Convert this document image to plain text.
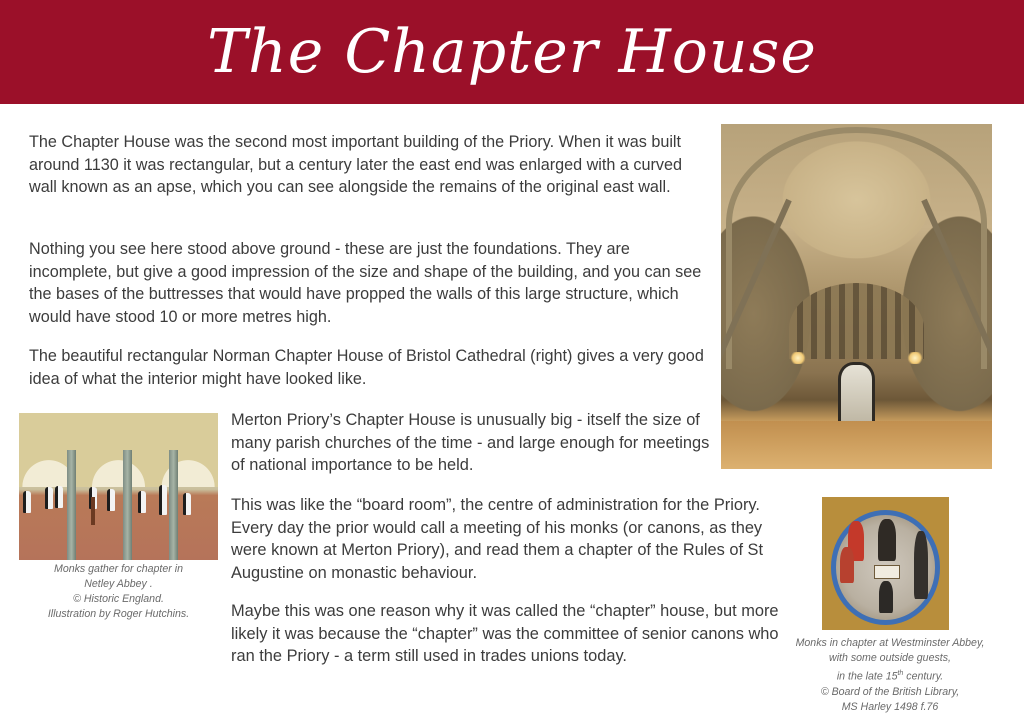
The Chapter House

The Chapter House was the second most important building of the Priory. When it was built around 1130 it was rectangular, but a century later the east end was enlarged with a curved wall known as an apse, which you can see alongside the remains of the original east wall.

Nothing you see here stood above ground - these are just the foundations. They are incomplete, but give a good impression of the size and shape of the building, and you can see the bases of the buttresses that would have propped the walls of this large structure, which would have stood 10 or more metres high.

The beautiful rectangular Norman Chapter House of Bristol Cathedral (right) gives a very good idea of what the interior might have looked like.

Merton Priory’s Chapter House is unusually big - itself the size of many parish churches of the time - and large enough for meetings of national importance to be held.

This was like the “board room”, the centre of administration for the Priory. Every day the prior would call a meeting of his monks (or canons, as they were known at Merton Priory), and read them a chapter of the Rules of St Augustine on monastic behaviour.

Maybe this was one reason why it was called the “chapter” house, but more likely it was because the “chapter” was the committee of senior canons who ran the Priory - a term still used in trades unions today.

Monks gather for chapter in
Netley Abbey .
© Historic England.
Illustration by Roger Hutchins.

Monks in chapter at Westminster Abbey,
with some outside guests,
in the late 15th century.
© Board of the British Library,
MS Harley 1498 f.76
